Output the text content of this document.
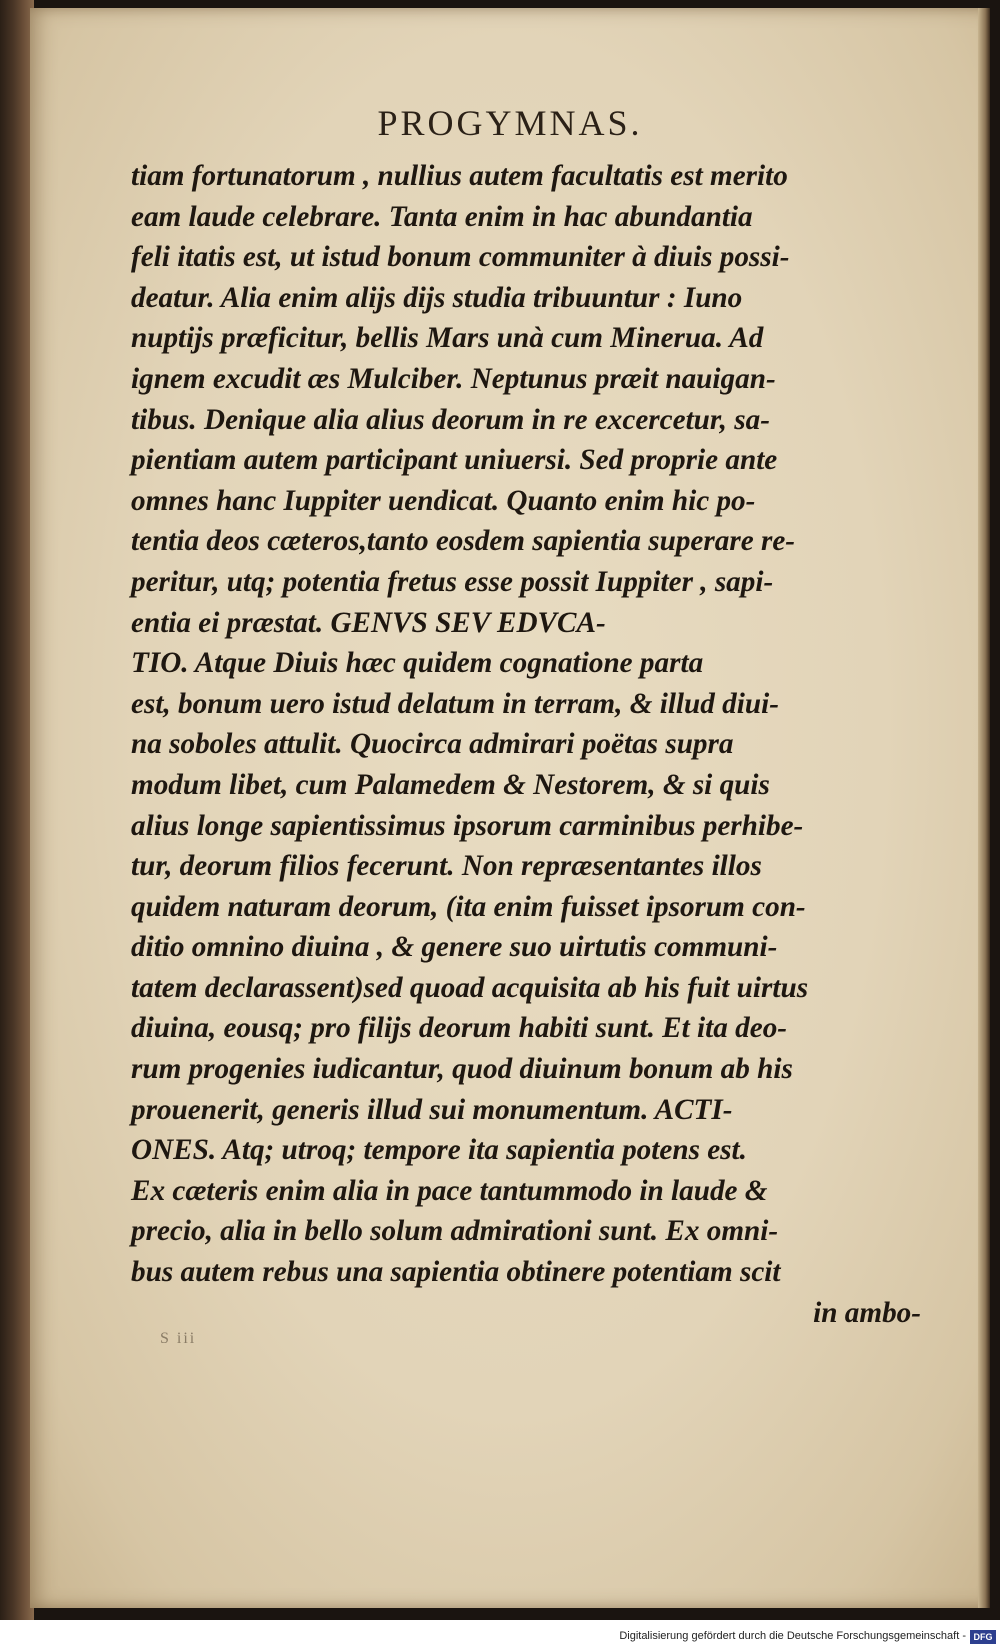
PROGYMNAS.
tiam fortunatorum , nullius autem facultatis est merito
eam laude celebrare. Tanta enim in hac abundantia
feli itatis est, ut istud bonum communiter à diuis possi-
deatur. Alia enim alijs dijs studia tribuuntur : Iuno
nuptijs præficitur, bellis Mars unà cum Minerua. Ad
ignem excudit æs Mulciber. Neptunus præit nauigan-
tibus. Denique alia alius deorum in re excercetur, sa-
pientiam autem participant uniuersi. Sed proprie ante
omnes hanc Iuppiter uendicat. Quanto enim hic po-
tentia deos cæteros,tanto eosdem sapientia superare re-
peritur, utq; potentia fretus esse possit Iuppiter , sapi-
entia ei præstat. GENVS SEV EDVCA-
TIO. Atque Diuis hæc quidem cognatione parta
est, bonum uero istud delatum in terram, & illud diui-
na soboles attulit. Quocirca admirari poëtas supra
modum libet, cum Palamedem & Nestorem, & si quis
alius longe sapientissimus ipsorum carminibus perhibe-
tur, deorum filios fecerunt. Non repræsentantes illos
quidem naturam deorum, (ita enim fuisset ipsorum con-
ditio omnino diuina , & genere suo uirtutis communi-
tatem declarassent)sed quoad acquisita ab his fuit uirtus
diuina, eousq; pro filijs deorum habiti sunt. Et ita deo-
rum progenies iudicantur, quod diuinum bonum ab his
prouenerit, generis illud sui monumentum. ACTI-
ONES. Atq; utroq; tempore ita sapientia potens est.
Ex cæteris enim alia in pace tantummodo in laude &
precio, alia in bello solum admirationi sunt. Ex omni-
bus autem rebus una sapientia obtinere potentiam scit
in ambo-
S iii
Digitalisierung gefördert durch die Deutsche Forschungsgemeinschaft - DFG
